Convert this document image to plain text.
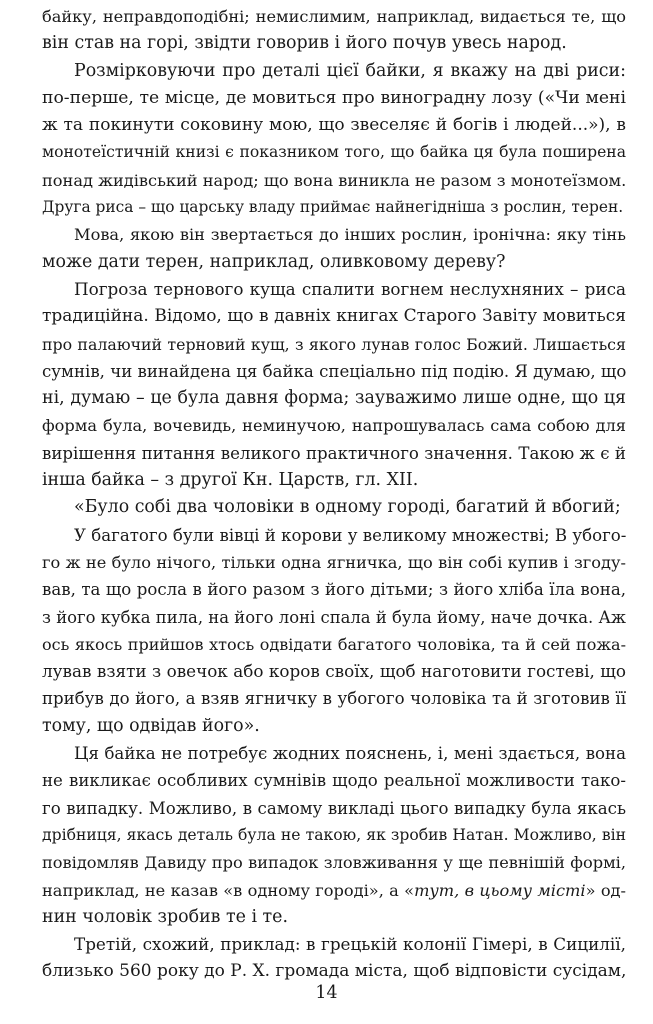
байку, неправдоподібні; немислимим, наприклад, видається те, що
він став на горі, звідти говорив і його почув увесь народ.
Розмірковуючи про деталі цієї байки, я вкажу на дві риси:
по-перше, те місце, де мовиться про виноградну лозу («Чи мені
ж та покинути соковину мою, що звеселяє й богів і людей...»), в
монотеїстичній книзі є показником того, що байка ця була поширена
понад жидівський народ; що вона виникла не разом з монотеїзмом.
Друга риса – що царську владу приймає найнегідніша з рослин, терен.
Мова, якою він звертається до інших рослин, іронічна: яку тінь
може дати терен, наприклад, оливковому дереву?
Погроза тернового куща спалити вогнем неслухняних – риса
традиційна. Відомо, що в давніх книгах Старого Завіту мовиться
про палаючий терновий кущ, з якого лунав голос Божий. Лишається
сумнів, чи винайдена ця байка спеціально під подію. Я думаю, що
ні, думаю – це була давня форма; зауважимо лише одне, що ця
форма була, вочевидь, неминучою, напрошувалась сама собою для
вирішення питання великого практичного значення. Такою ж є й
інша байка – з другої Кн. Царств, гл. XII.
«Було собі два чоловіки в одному городі, багатий й вбогий;
У багатого були вівці й корови у великому множестві; В убого-
го ж не було нічого, тільки одна ягничка, що він собі купив і згоду-
вав, та що росла в його разом з його дітьми; з його хліба їла вона,
з його кубка пила, на його лоні спала й була йому, наче дочка. Аж
ось якось прийшов хтось одвідати багатого чоловіка, та й сей пожа-
лував взяти з овечок або коров своїх, щоб наготовити гостеві, що
прибув до його, а взяв ягничку в убогого чоловіка та й зготовив її
тому, що одвідав його».
Ця байка не потребує жодних пояснень, і, мені здається, вона
не викликає особливих сумнівів щодо реальної можливости тако-
го випадку. Можливо, в самому викладі цього випадку була якась
дрібниця, якась деталь була не такою, як зробив Натан. Можливо, він
повідомляв Давиду про випадок зловживання у ще певнішій формі,
наприклад, не казав «в одному городі», а «тут, в цьому місті» од-
нин чоловік зробив те і те.
Третій, схожий, приклад: в грецькій колонії Гімері, в Сицилії,
близько 560 року до Р. Х. громада міста, щоб відповісти сусідам,
14
